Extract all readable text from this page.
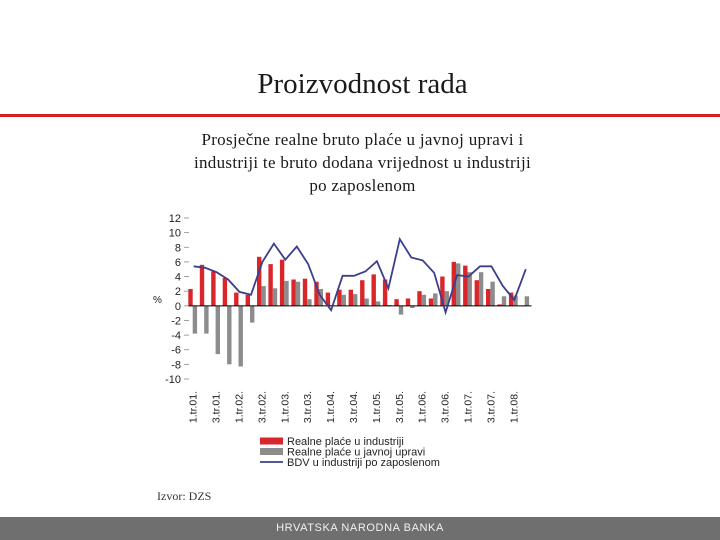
Proizvodnost rada
Prosječne realne bruto plaće u javnoj upravi i
industriji te bruto dodana vrijednost u industriji
po zaposlenom
12
10
8
6
4
2
0
-2
-4
-6
-8
-10
%
1.tr.01. 3.tr.01. 1.tr.02. 3.tr.02. 1.tr.03. 3.tr.03. 1.tr.04. 3.tr.04. 1.tr.05. 3.tr.05. 1.tr.06. 3.tr.06. 1.tr.07. 3.tr.07. 1.tr.08.
Realne plaće u industriji
Realne plaće u javnoj upravi
BDV u industriji po zaposlenom
Izvor: DZS
HRVATSKA NARODNA BANKA
